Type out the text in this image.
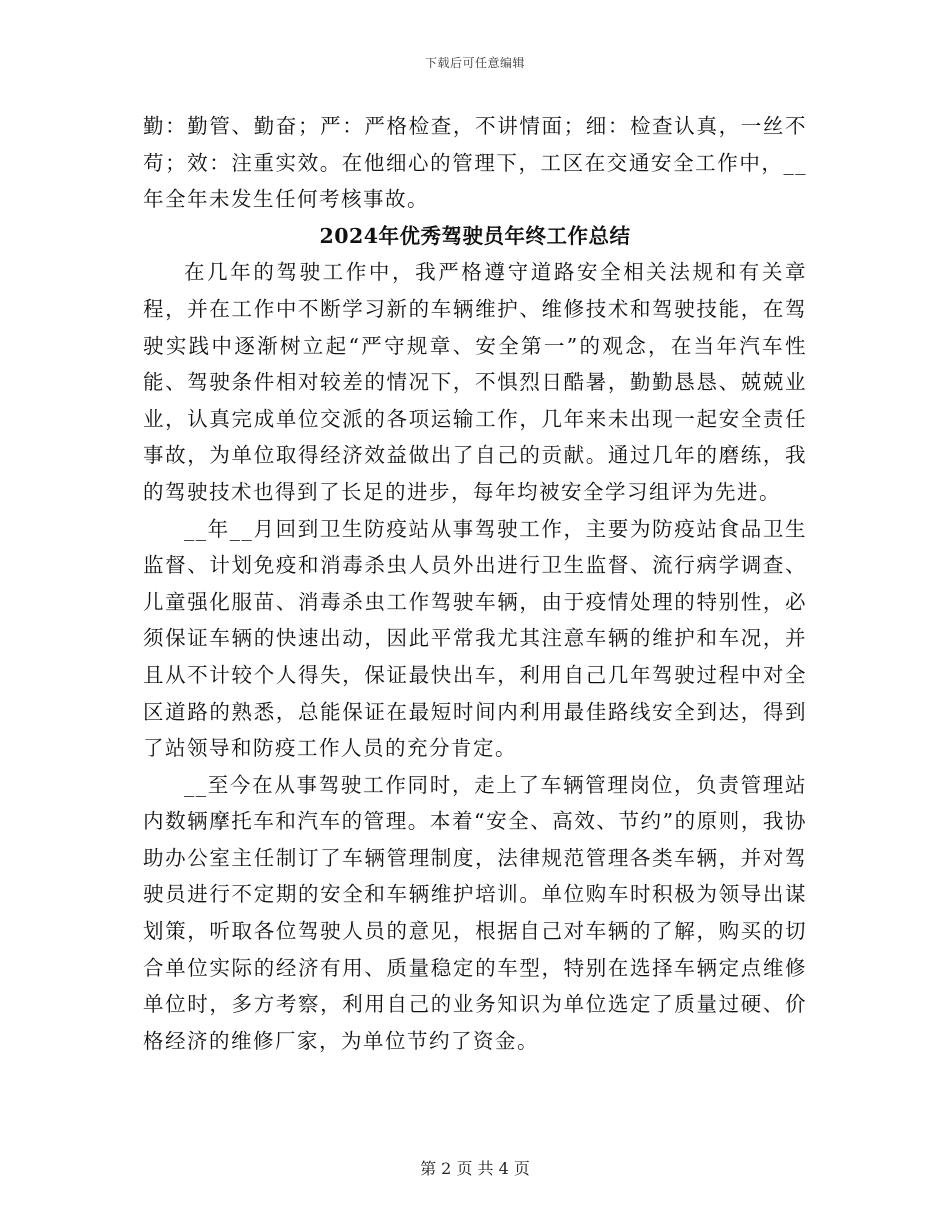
下载后可任意编辑

勤：勤管、勤奋；严：严格检查，不讲情面；细：检查认真，一丝不苟；效：注重实效。在他细心的管理下，工区在交通安全工作中，__年全年未发生任何考核事故。

2024年优秀驾驶员年终工作总结

在几年的驾驶工作中，我严格遵守道路安全相关法规和有关章程，并在工作中不断学习新的车辆维护、维修技术和驾驶技能，在驾驶实践中逐渐树立起“严守规章、安全第一”的观念，在当年汽车性能、驾驶条件相对较差的情况下，不惧烈日酷暑，勤勤恳恳、兢兢业业，认真完成单位交派的各项运输工作，几年来未出现一起安全责任事故，为单位取得经济效益做出了自己的贡献。通过几年的磨练，我的驾驶技术也得到了长足的进步，每年均被安全学习组评为先进。

__年__月回到卫生防疫站从事驾驶工作，主要为防疫站食品卫生监督、计划免疫和消毒杀虫人员外出进行卫生监督、流行病学调查、儿童强化服苗、消毒杀虫工作驾驶车辆，由于疫情处理的特别性，必须保证车辆的快速出动，因此平常我尤其注意车辆的维护和车况，并且从不计较个人得失，保证最快出车，利用自己几年驾驶过程中对全区道路的熟悉，总能保证在最短时间内利用最佳路线安全到达，得到了站领导和防疫工作人员的充分肯定。

__至今在从事驾驶工作同时，走上了车辆管理岗位，负责管理站内数辆摩托车和汽车的管理。本着“安全、高效、节约”的原则，我协助办公室主任制订了车辆管理制度，法律规范管理各类车辆，并对驾驶员进行不定期的安全和车辆维护培训。单位购车时积极为领导出谋划策，听取各位驾驶人员的意见，根据自己对车辆的了解，购买的切合单位实际的经济有用、质量稳定的车型，特别在选择车辆定点维修单位时，多方考察，利用自己的业务知识为单位选定了质量过硬、价格经济的维修厂家，为单位节约了资金。

第 2 页 共 4 页
